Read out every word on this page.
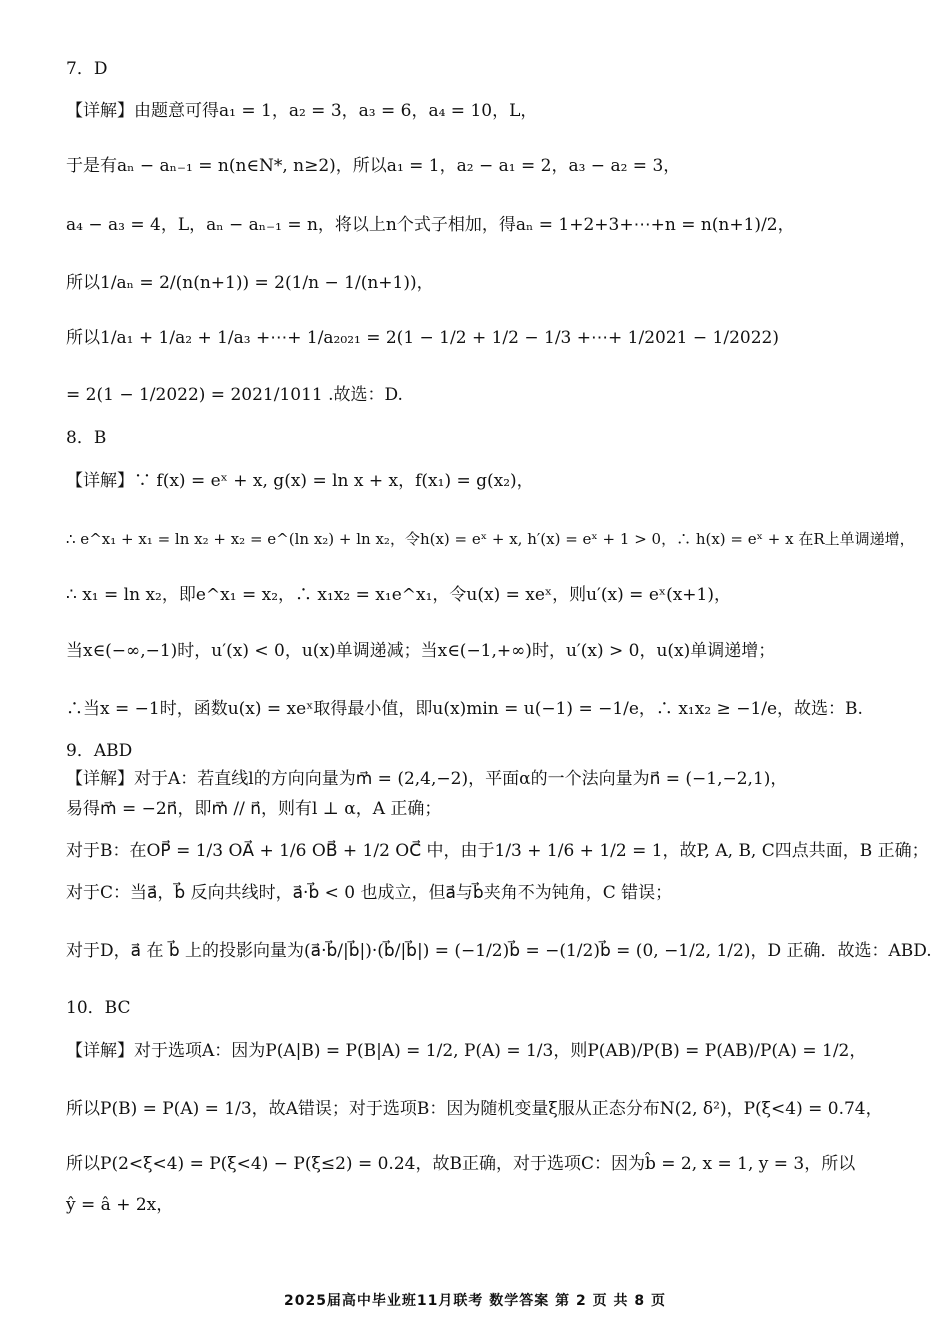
7．D
【详解】由题意可得a₁ = 1，a₂ = 3，a₃ = 6，a₄ = 10，L，
于是有aₙ − aₙ₋₁ = n(n∈N*, n≥2)，所以a₁ = 1，a₂ − a₁ = 2，a₃ − a₂ = 3，
a₄ − a₃ = 4，L，aₙ − aₙ₋₁ = n，将以上n个式子相加，得aₙ = 1+2+3+⋯+n = n(n+1)/2，
所以1/aₙ = 2/(n(n+1)) = 2(1/n − 1/(n+1))，
所以1/a₁ + 1/a₂ + 1/a₃ +⋯+ 1/a₂₀₂₁ = 2(1 − 1/2 + 1/2 − 1/3 +⋯+ 1/2021 − 1/2022)
= 2(1 − 1/2022) = 2021/1011 .故选：D.
8．B
【详解】∵ f(x) = eˣ + x, g(x) = ln x + x，f(x₁) = g(x₂)，
∴ e^x₁ + x₁ = ln x₂ + x₂ = e^(ln x₂) + ln x₂，令h(x) = eˣ + x, h′(x) = eˣ + 1 > 0，∴ h(x) = eˣ + x 在R上单调递增，
∴ x₁ = ln x₂，即e^x₁ = x₂，∴ x₁x₂ = x₁e^x₁，令u(x) = xeˣ，则u′(x) = eˣ(x+1)，
当x∈(−∞,−1)时，u′(x) < 0，u(x)单调递减；当x∈(−1,+∞)时，u′(x) > 0，u(x)单调递增；
∴当x = −1时，函数u(x) = xeˣ取得最小值，即u(x)min = u(−1) = −1/e，∴ x₁x₂ ≥ −1/e，故选：B.
9．ABD
【详解】对于A：若直线l的方向向量为m⃗ = (2,4,−2)，平面α的一个法向量为n⃗ = (−1,−2,1)，
易得m⃗ = −2n⃗，即m⃗ // n⃗，则有l ⊥ α，A 正确；
对于B：在OP⃗ = 1/3 OA⃗ + 1/6 OB⃗ + 1/2 OC⃗ 中，由于1/3 + 1/6 + 1/2 = 1，故P, A, B, C四点共面，B 正确；
对于C：当a⃗，b⃗ 反向共线时，a⃗·b⃗ < 0 也成立，但a⃗与b⃗夹角不为钝角，C 错误；
对于D，a⃗ 在 b⃗ 上的投影向量为(a⃗·b⃗/|b⃗|)·(b⃗/|b⃗|) = (−1/2)b⃗ = −(1/2)b⃗ = (0, −1/2, 1/2)，D 正确．故选：ABD.
10．BC
【详解】对于选项A：因为P(A|B) = P(B|A) = 1/2, P(A) = 1/3，则P(AB)/P(B) = P(AB)/P(A) = 1/2，
所以P(B) = P(A) = 1/3，故A错误；对于选项B：因为随机变量ξ服从正态分布N(2, δ²)，P(ξ<4) = 0.74，
所以P(2<ξ<4) = P(ξ<4) − P(ξ≤2) = 0.24，故B正确，对于选项C：因为b̂ = 2, x = 1, y = 3，所以
ŷ = â + 2x，
2025届高中毕业班11月联考 数学答案 第 2 页 共 8 页
